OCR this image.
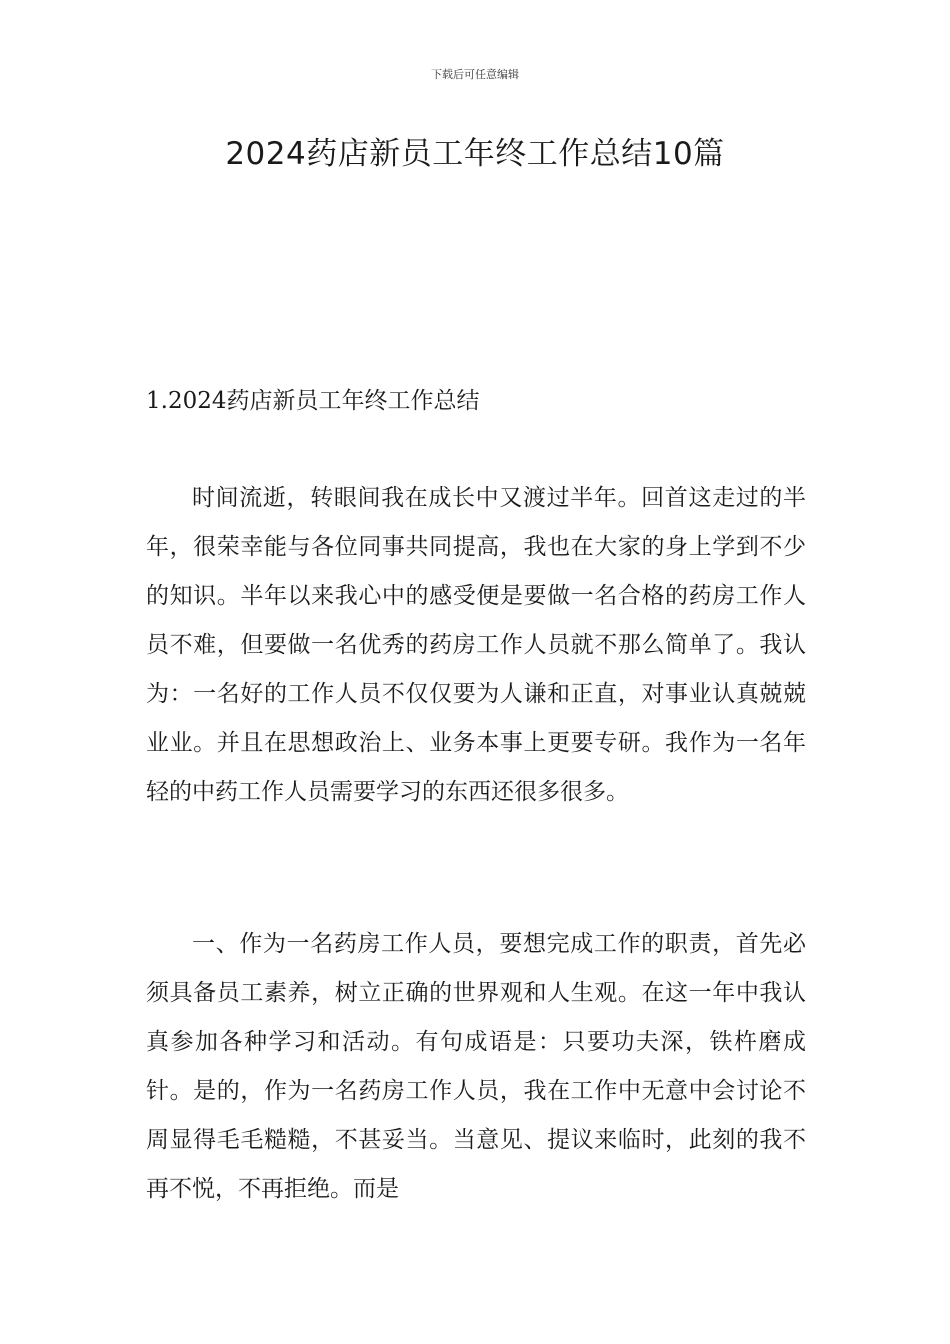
下载后可任意编辑
2024药店新员工年终工作总结10篇
1.2024药店新员工年终工作总结

时间流逝，转眼间我在成长中又渡过半年。回首这走过的半年，很荣幸能与各位同事共同提高，我也在大家的身上学到不少的知识。半年以来我心中的感受便是要做一名合格的药房工作人员不难，但要做一名优秀的药房工作人员就不那么简单了。我认为：一名好的工作人员不仅仅要为人谦和正直，对事业认真兢兢业业。并且在思想政治上、业务本事上更要专研。我作为一名年轻的中药工作人员需要学习的东西还很多很多。

一、作为一名药房工作人员，要想完成工作的职责，首先必须具备员工素养，树立正确的世界观和人生观。在这一年中我认真参加各种学习和活动。有句成语是：只要功夫深，铁杵磨成针。是的，作为一名药房工作人员，我在工作中无意中会讨论不周显得毛毛糙糙，不甚妥当。当意见、提议来临时，此刻的我不再不悦，不再拒绝。而是
